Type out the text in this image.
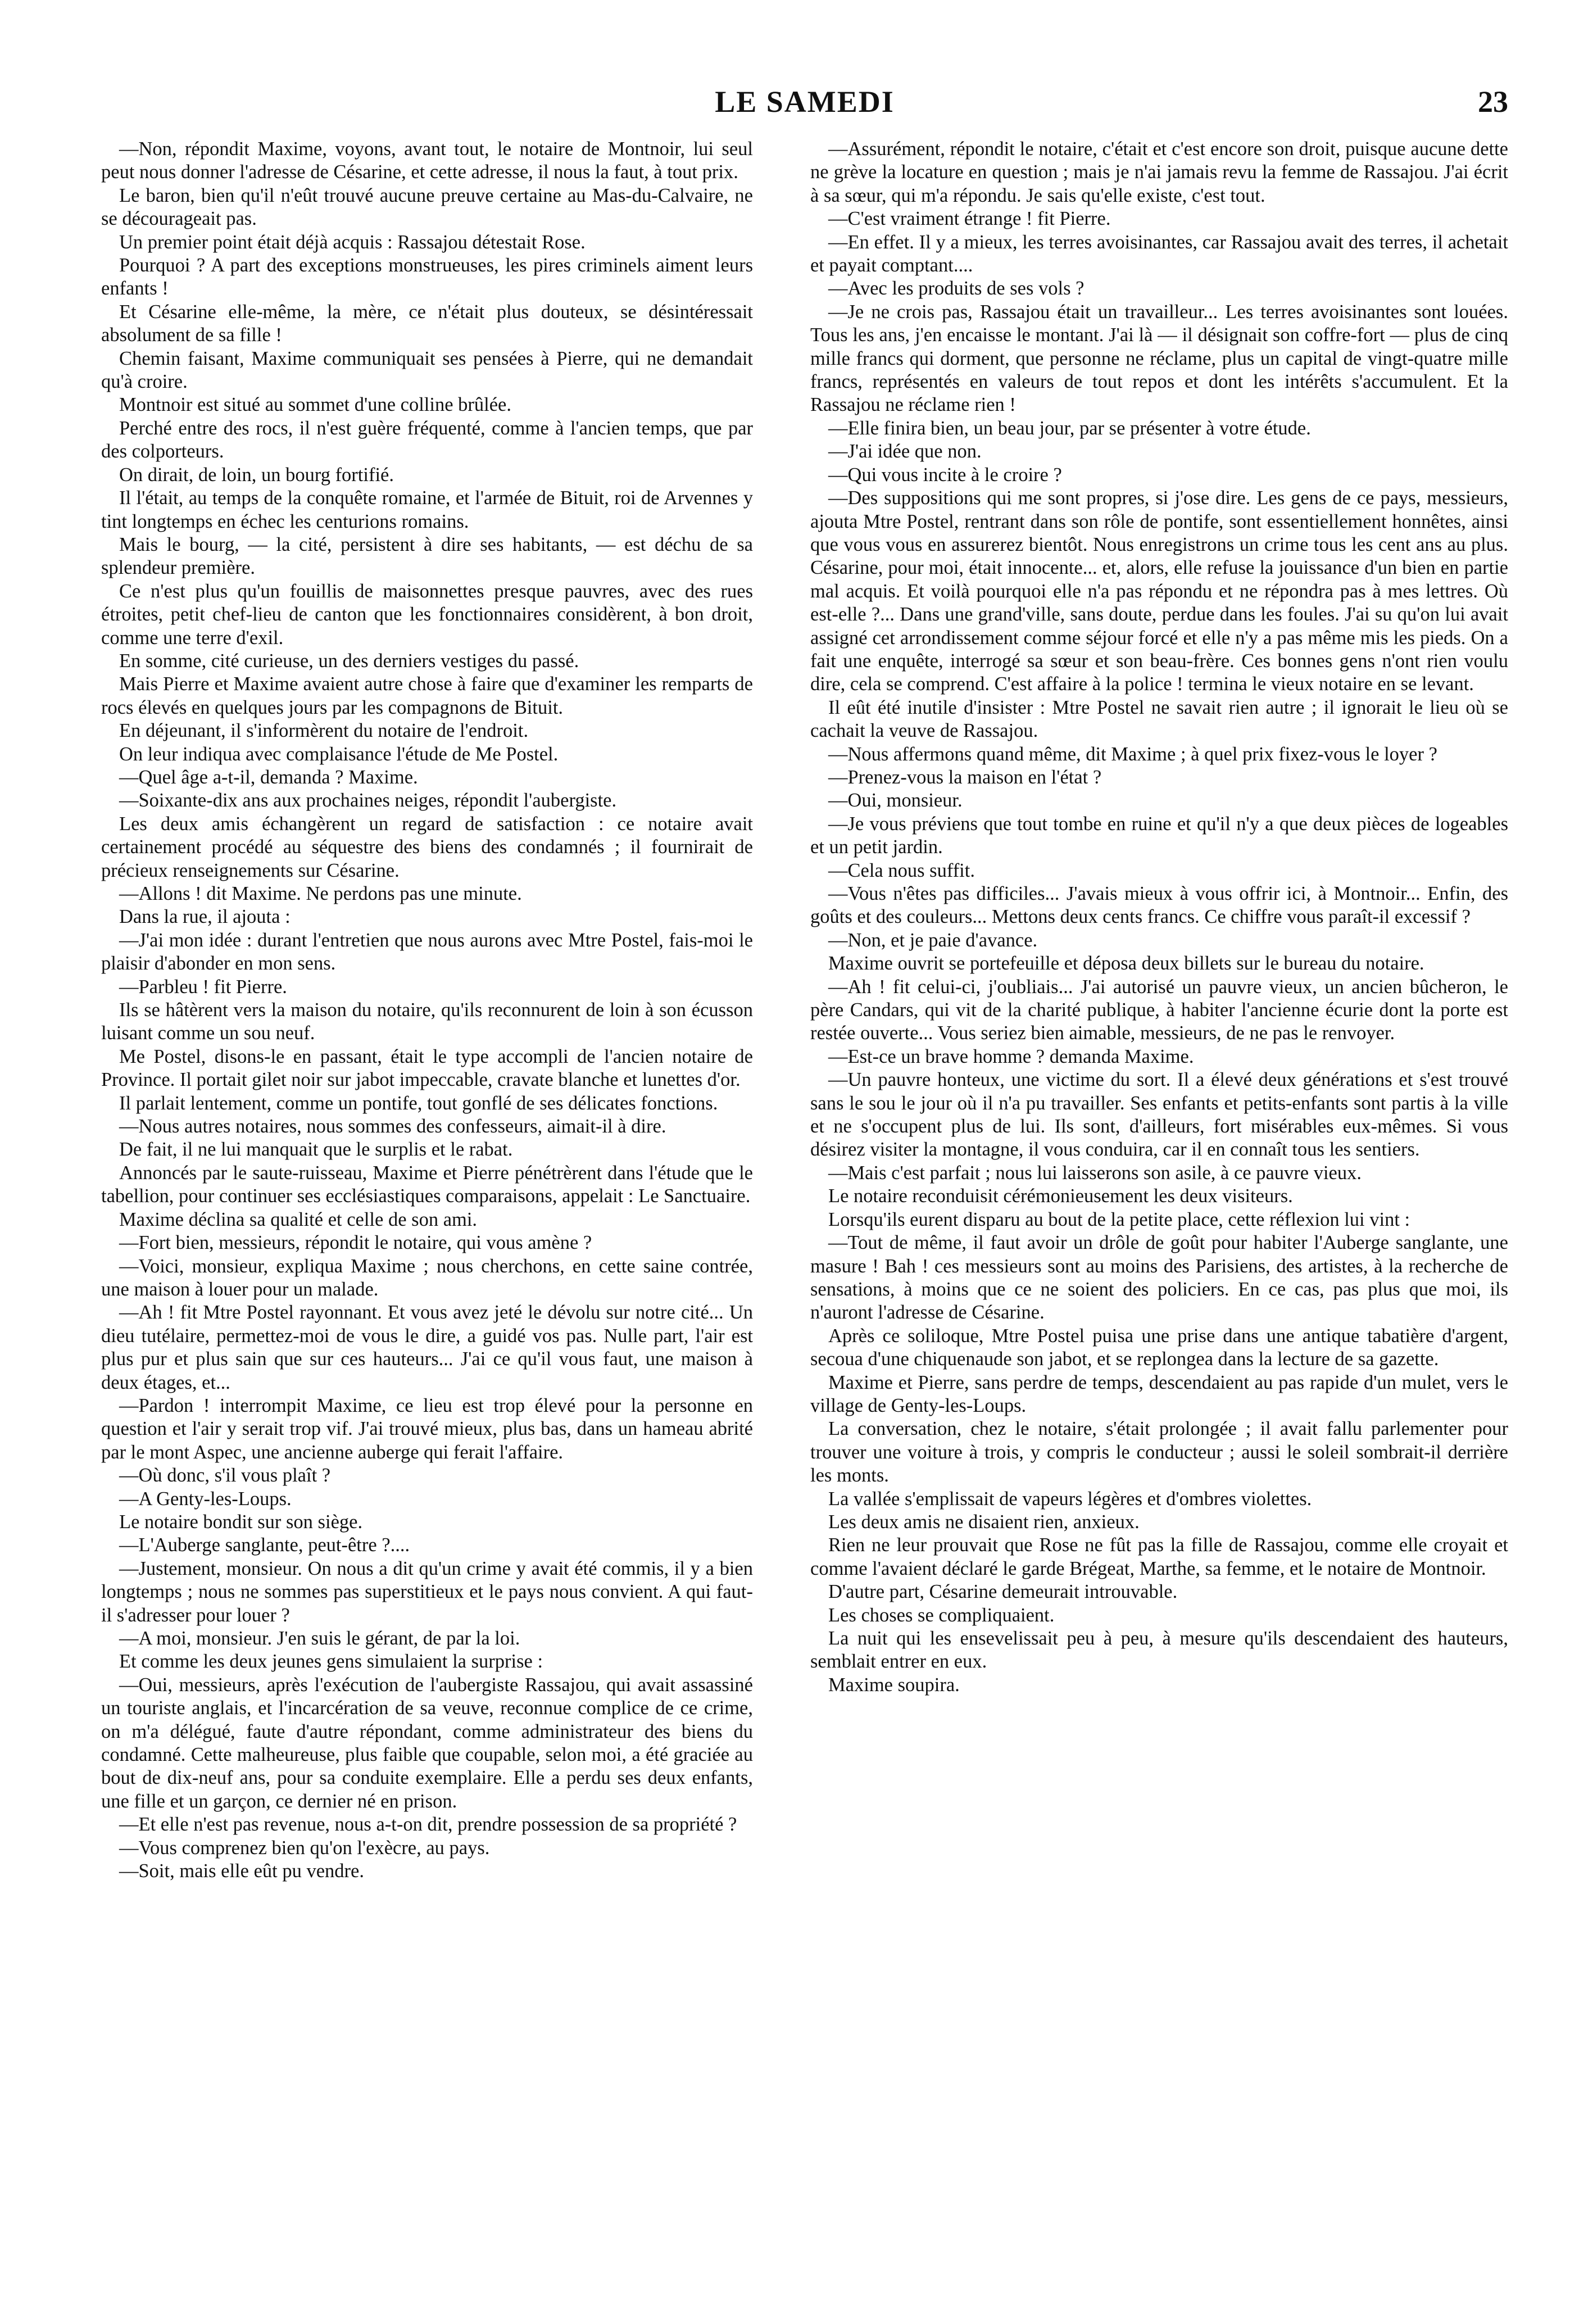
LE SAMEDI	23

—Non, répondit Maxime, voyons, avant tout, le notaire de Montnoir, lui seul peut nous donner l'adresse de Césarine, et cette adresse, il nous la faut, à tout prix.

Le baron, bien qu'il n'eût trouvé aucune preuve certaine au Mas-du-Calvaire, ne se décourageait pas.

Un premier point était déjà acquis : Rassajou détestait Rose.

Pourquoi ? A part des exceptions monstrueuses, les pires criminels aiment leurs enfants !

Et Césarine elle-même, la mère, ce n'était plus douteux, se désintéressait absolument de sa fille !

Chemin faisant, Maxime communiquait ses pensées à Pierre, qui ne demandait qu'à croire.

Montnoir est situé au sommet d'une colline brûlée.

Perché entre des rocs, il n'est guère fréquenté, comme à l'ancien temps, que par des colporteurs.

On dirait, de loin, un bourg fortifié.

Il l'était, au temps de la conquête romaine, et l'armée de Bituit, roi de Arvennes y tint longtemps en échec les centurions romains.

Mais le bourg, — la cité, persistent à dire ses habitants, — est déchu de sa splendeur première.

Ce n'est plus qu'un fouillis de maisonnettes presque pauvres, avec des rues étroites, petit chef-lieu de canton que les fonctionnaires considèrent, à bon droit, comme une terre d'exil.

En somme, cité curieuse, un des derniers vestiges du passé.

Mais Pierre et Maxime avaient autre chose à faire que d'examiner les remparts de rocs élevés en quelques jours par les compagnons de Bituit.

En déjeunant, il s'informèrent du notaire de l'endroit.

On leur indiqua avec complaisance l'étude de Me Postel.

—Quel âge a-t-il, demanda ? Maxime.

—Soixante-dix ans aux prochaines neiges, répondit l'aubergiste.

Les deux amis échangèrent un regard de satisfaction : ce notaire avait certainement procédé au séquestre des biens des condamnés ; il fournirait de précieux renseignements sur Césarine.

—Allons ! dit Maxime. Ne perdons pas une minute.

Dans la rue, il ajouta :

—J'ai mon idée : durant l'entretien que nous aurons avec Mtre Postel, fais-moi le plaisir d'abonder en mon sens.

—Parbleu ! fit Pierre.

Ils se hâtèrent vers la maison du notaire, qu'ils reconnurent de loin à son écusson luisant comme un sou neuf.

Me Postel, disons-le en passant, était le type accompli de l'ancien notaire de Province. Il portait gilet noir sur jabot impeccable, cravate blanche et lunettes d'or.

Il parlait lentement, comme un pontife, tout gonflé de ses délicates fonctions.

—Nous autres notaires, nous sommes des confesseurs, aimait-il à dire.

De fait, il ne lui manquait que le surplis et le rabat.

Annoncés par le saute-ruisseau, Maxime et Pierre pénétrèrent dans l'étude que le tabellion, pour continuer ses ecclésiastiques comparaisons, appelait : Le Sanctuaire.

Maxime déclina sa qualité et celle de son ami.

—Fort bien, messieurs, répondit le notaire, qui vous amène ?

—Voici, monsieur, expliqua Maxime ; nous cherchons, en cette saine contrée, une maison à louer pour un malade.

—Ah ! fit Mtre Postel rayonnant. Et vous avez jeté le dévolu sur notre cité... Un dieu tutélaire, permettez-moi de vous le dire, a guidé vos pas. Nulle part, l'air est plus pur et plus sain que sur ces hauteurs... J'ai ce qu'il vous faut, une maison à deux étages, et...

—Pardon ! interrompit Maxime, ce lieu est trop élevé pour la personne en question et l'air y serait trop vif. J'ai trouvé mieux, plus bas, dans un hameau abrité par le mont Aspec, une ancienne auberge qui ferait l'affaire.

—Où donc, s'il vous plaît ?

—A Genty-les-Loups.

Le notaire bondit sur son siège.

—L'Auberge sanglante, peut-être ?....

—Justement, monsieur. On nous a dit qu'un crime y avait été commis, il y a bien longtemps ; nous ne sommes pas superstitieux et le pays nous convient. A qui faut-il s'adresser pour louer ?

—A moi, monsieur. J'en suis le gérant, de par la loi.

Et comme les deux jeunes gens simulaient la surprise :

—Oui, messieurs, après l'exécution de l'aubergiste Rassajou, qui avait assassiné un touriste anglais, et l'incarcération de sa veuve, reconnue complice de ce crime, on m'a délégué, faute d'autre répondant, comme administrateur des biens du condamné. Cette malheureuse, plus faible que coupable, selon moi, a été graciée au bout de dix-neuf ans, pour sa conduite exemplaire. Elle a perdu ses deux enfants, une fille et un garçon, ce dernier né en prison.

—Et elle n'est pas revenue, nous a-t-on dit, prendre possession de sa propriété ?

—Vous comprenez bien qu'on l'exècre, au pays.

—Soit, mais elle eût pu vendre.

—Assurément, répondit le notaire, c'était et c'est encore son droit, puisque aucune dette ne grève la locature en question ; mais je n'ai jamais revu la femme de Rassajou. J'ai écrit à sa sœur, qui m'a répondu. Je sais qu'elle existe, c'est tout.

—C'est vraiment étrange ! fit Pierre.

—En effet. Il y a mieux, les terres avoisinantes, car Rassajou avait des terres, il achetait et payait comptant....

—Avec les produits de ses vols ?

—Je ne crois pas, Rassajou était un travailleur... Les terres avoisinantes sont louées. Tous les ans, j'en encaisse le montant. J'ai là — il désignait son coffre-fort — plus de cinq mille francs qui dorment, que personne ne réclame, plus un capital de vingt-quatre mille francs, représentés en valeurs de tout repos et dont les intérêts s'accumulent. Et la Rassajou ne réclame rien !

—Elle finira bien, un beau jour, par se présenter à votre étude.

—J'ai idée que non.

—Qui vous incite à le croire ?

—Des suppositions qui me sont propres, si j'ose dire. Les gens de ce pays, messieurs, ajouta Mtre Postel, rentrant dans son rôle de pontife, sont essentiellement honnêtes, ainsi que vous vous en assurerez bientôt. Nous enregistrons un crime tous les cent ans au plus. Césarine, pour moi, était innocente... et, alors, elle refuse la jouissance d'un bien en partie mal acquis. Et voilà pourquoi elle n'a pas répondu et ne répondra pas à mes lettres. Où est-elle ?... Dans une grand'ville, sans doute, perdue dans les foules. J'ai su qu'on lui avait assigné cet arrondissement comme séjour forcé et elle n'y a pas même mis les pieds. On a fait une enquête, interrogé sa sœur et son beau-frère. Ces bonnes gens n'ont rien voulu dire, cela se comprend. C'est affaire à la police ! termina le vieux notaire en se levant.

Il eût été inutile d'insister : Mtre Postel ne savait rien autre ; il ignorait le lieu où se cachait la veuve de Rassajou.

—Nous affermons quand même, dit Maxime ; à quel prix fixez-vous le loyer ?

—Prenez-vous la maison en l'état ?

—Oui, monsieur.

—Je vous préviens que tout tombe en ruine et qu'il n'y a que deux pièces de logeables et un petit jardin.

—Cela nous suffit.

—Vous n'êtes pas difficiles... J'avais mieux à vous offrir ici, à Montnoir... Enfin, des goûts et des couleurs... Mettons deux cents francs. Ce chiffre vous paraît-il excessif ?

—Non, et je paie d'avance.

Maxime ouvrit se portefeuille et déposa deux billets sur le bureau du notaire.

—Ah ! fit celui-ci, j'oubliais... J'ai autorisé un pauvre vieux, un ancien bûcheron, le père Candars, qui vit de la charité publique, à habiter l'ancienne écurie dont la porte est restée ouverte... Vous seriez bien aimable, messieurs, de ne pas le renvoyer.

—Est-ce un brave homme ? demanda Maxime.

—Un pauvre honteux, une victime du sort. Il a élevé deux générations et s'est trouvé sans le sou le jour où il n'a pu travailler. Ses enfants et petits-enfants sont partis à la ville et ne s'occupent plus de lui. Ils sont, d'ailleurs, fort misérables eux-mêmes. Si vous désirez visiter la montagne, il vous conduira, car il en connaît tous les sentiers.

—Mais c'est parfait ; nous lui laisserons son asile, à ce pauvre vieux.

Le notaire reconduisit cérémonieusement les deux visiteurs.

Lorsqu'ils eurent disparu au bout de la petite place, cette réflexion lui vint :

—Tout de même, il faut avoir un drôle de goût pour habiter l'Auberge sanglante, une masure ! Bah ! ces messieurs sont au moins des Parisiens, des artistes, à la recherche de sensations, à moins que ce ne soient des policiers. En ce cas, pas plus que moi, ils n'auront l'adresse de Césarine.

Après ce soliloque, Mtre Postel puisa une prise dans une antique tabatière d'argent, secoua d'une chiquenaude son jabot, et se replongea dans la lecture de sa gazette.

Maxime et Pierre, sans perdre de temps, descendaient au pas rapide d'un mulet, vers le village de Genty-les-Loups.

La conversation, chez le notaire, s'était prolongée ; il avait fallu parlementer pour trouver une voiture à trois, y compris le conducteur ; aussi le soleil sombrait-il derrière les monts.

La vallée s'emplissait de vapeurs légères et d'ombres violettes.

Les deux amis ne disaient rien, anxieux.

Rien ne leur prouvait que Rose ne fût pas la fille de Rassajou, comme elle croyait et comme l'avaient déclaré le garde Brégeat, Marthe, sa femme, et le notaire de Montnoir.

D'autre part, Césarine demeurait introuvable.

Les choses se compliquaient.

La nuit qui les ensevelissait peu à peu, à mesure qu'ils descendaient des hauteurs, semblait entrer en eux.

Maxime soupira.
